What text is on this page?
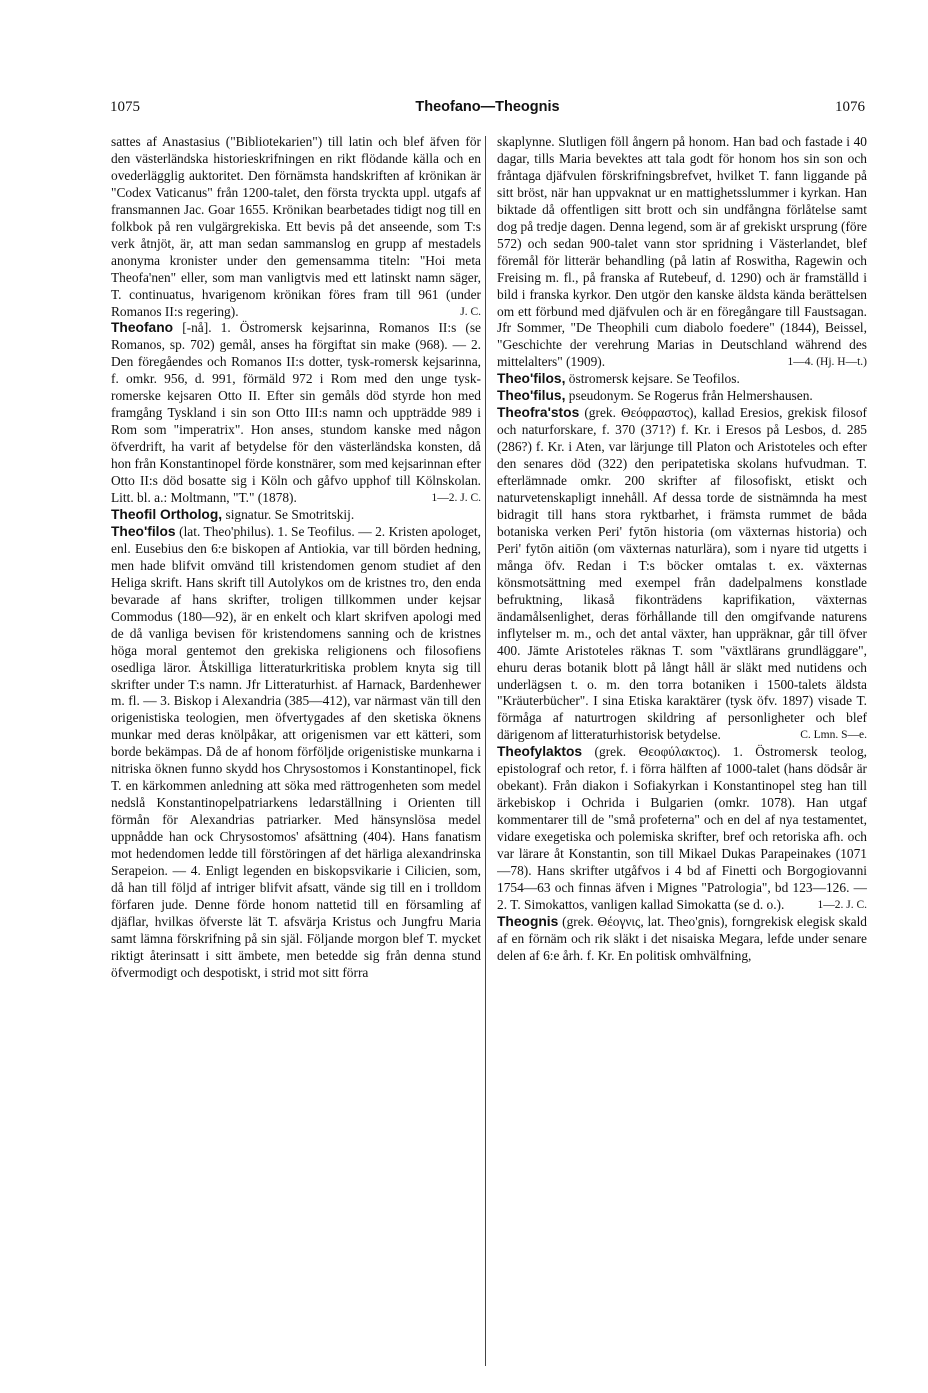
1075	Theofano—Theognis	1076

sattes af Anastasius ("Bibliotekarien") till latin och blef äfven för den västerländska historieskrifningen en rikt flödande källa och en ovederlägglig auktoritet. Den förnämsta handskriften af krönikan är "Codex Vaticanus" från 1200-talet, den första tryckta uppl. utgafs af fransmannen Jac. Goar 1655. Krönikan bearbetades tidigt nog till en folkbok på ren vulgärgrekiska. Ett bevis på det anseende, som T:s verk åtnjöt, är, att man sedan sammanslog en grupp af mestadels anonyma kronister under den gemensamma titeln: "Hoi meta Theofa'nen" eller, som man vanligtvis med ett latinskt namn säger, T. continuatus, hvarigenom krönikan föres fram till 961 (under Romanos II:s regering).	J. C.

Theofano [-nå]. 1. Östromersk kejsarinna, Romanos II:s (se Romanos, sp. 702) gemål, anses ha förgiftat sin make (968). — 2. Den föregåendes och Romanos II:s dotter, tysk-romersk kejsarinna, f. omkr. 956, d. 991, förmäld 972 i Rom med den unge tysk-romerske kejsaren Otto II. Efter sin gemåls död styrde hon med framgång Tyskland i sin son Otto III:s namn och uppträdde 989 i Rom som "imperatrix". Hon anses, stundom kanske med någon öfverdrift, ha varit af betydelse för den västerländska konsten, då hon från Konstantinopel förde konstnärer, som med kejsarinnan efter Otto II:s död bosatte sig i Köln och gåfvo upphof till Kölnskolan. Litt. bl. a.: Moltmann, "T." (1878).	1—2. J. C.

Theofil Ortholog, signatur. Se Smotritskij.

Theo'filos (lat. Theo'philus). 1. Se Teofilus. — 2. Kristen apologet, enl. Eusebius den 6:e biskopen af Antiokia, var till börden hedning, men hade blifvit omvänd till kristendomen genom studiet af den Heliga skrift. Hans skrift till Autolykos om de kristnes tro, den enda bevarade af hans skrifter, troligen tillkommen under kejsar Commodus (180—92), är en enkelt och klart skrifven apologi med de då vanliga bevisen för kristendomens sanning och de kristnes höga moral gentemot den grekiska religionens och filosofiens osedliga läror. Åtskilliga litteraturkritiska problem knyta sig till skrifter under T:s namn. Jfr Litteraturhist. af Harnack, Bardenhewer m. fl. — 3. Biskop i Alexandria (385—412), var närmast vän till den origenistiska teologien, men öfvertygades af den sketiska öknens munkar med deras knölpåkar, att origenismen var ett kätteri, som borde bekämpas. Då de af honom förföljde origenistiske munkarna i nitriska öknen funno skydd hos Chrysostomos i Konstantinopel, fick T. en kärkommen anledning att söka med rättrogenheten som medel nedslå Konstantinopelpatriarkens ledarställning i Orienten till förmån för Alexandrias patriarker. Med hänsynslösa medel uppnådde han ock Chrysostomos' afsättning (404). Hans fanatism mot hedendomen ledde till förstöringen af det härliga alexandrinska Serapeion. — 4. Enligt legenden en biskopsvikarie i Cilicien, som, då han till följd af intriger blifvit afsatt, vände sig till en i trolldom förfaren jude. Denne förde honom nattetid till en församling af djäflar, hvilkas öfverste lät T. afsvärja Kristus och Jungfru Maria samt lämna förskrifning på sin själ. Följande morgon blef T. mycket riktigt återinsatt i sitt ämbete, men betedde sig från denna stund öfvermodigt och despotiskt, i strid mot sitt förra

skaplynne. Slutligen föll ångern på honom. Han bad och fastade i 40 dagar, tills Maria bevektes att tala godt för honom hos sin son och fråntaga djäfvulen förskrifningsbrefvet, hvilket T. fann liggande på sitt bröst, när han uppvaknat ur en mattighetsslummer i kyrkan. Han biktade då offentligen sitt brott och sin undfångna förlåtelse samt dog på tredje dagen. Denna legend, som är af grekiskt ursprung (före 572) och sedan 900-talet vann stor spridning i Västerlandet, blef föremål för litterär behandling (på latin af Roswitha, Ragewin och Freising m. fl., på franska af Rutebeuf, d. 1290) och är framställd i bild i franska kyrkor. Den utgör den kanske äldsta kända berättelsen om ett förbund med djäfvulen och är en föregångare till Faustsagan. Jfr Sommer, "De Theophili cum diabolo foedere" (1844), Beissel, "Geschichte der verehrung Marias in Deutschland während des mittelalters" (1909).	1—4. (Hj. H—t.)

Theo'filos, östromersk kejsare. Se Teofilos.

Theo'filus, pseudonym. Se Rogerus från Helmershausen.

Theofra'stos (grek. Θεόφραστος), kallad Eresios, grekisk filosof och naturforskare, f. 370 (371?) f. Kr. i Eresos på Lesbos, d. 285 (286?) f. Kr. i Aten, var lärjunge till Platon och Aristoteles och efter den senares död (322) den peripatetiska skolans hufvudman. T. efterlämnade omkr. 200 skrifter af filosofiskt, etiskt och naturvetenskapligt innehåll. Af dessa torde de sistnämnda ha mest bidragit till hans stora ryktbarhet, i främsta rummet de båda botaniska verken Peri' fytōn historia (om växternas historia) och Peri' fytōn aitiōn (om växternas naturlära), som i nyare tid utgetts i många öfv. Redan i T:s böcker omtalas t. ex. växternas könsmotsättning med exempel från dadelpalmens konstlade befruktning, likaså fikonträdens kaprifikation, växternas ändamålsenlighet, deras förhållande till den omgifvande naturens inflytelser m. m., och det antal växter, han uppräknar, går till öfver 400. Jämte Aristoteles räknas T. som "växtlärans grundläggare", ehuru deras botanik blott på långt håll är släkt med nutidens och underlägsen t. o. m. den torra botaniken i 1500-talets äldsta "Kräuterbücher". I sina Etiska karaktärer (tysk öfv. 1897) visade T. förmåga af naturtrogen skildring af personligheter och blef därigenom af litteraturhistorisk betydelse.	C. Lmn. S—e.

Theofylaktos (grek. Θεοφύλακτος). 1. Östromersk teolog, epistolograf och retor, f. i förra hälften af 1000-talet (hans dödsår är obekant). Från diakon i Sofiakyrkan i Konstantinopel steg han till ärkebiskop i Ochrida i Bulgarien (omkr. 1078). Han utgaf kommentarer till de "små profeterna" och en del af nya testamentet, vidare exegetiska och polemiska skrifter, bref och retoriska afh. och var lärare åt Konstantin, son till Mikael Dukas Parapeinakes (1071—78). Hans skrifter utgåfvos i 4 bd af Finetti och Borgogiovanni 1754—63 och finnas äfven i Mignes "Patrologia", bd 123—126. — 2. T. Simokattos, vanligen kallad Simokatta (se d. o.).	1—2. J. C.

Theognis (grek. Θέογνις, lat. Theo'gnis), forngrekisk elegisk skald af en förnäm och rik släkt i det nisaiska Megara, lefde under senare delen af 6:e årh. f. Kr. En politisk omhvälfning,
